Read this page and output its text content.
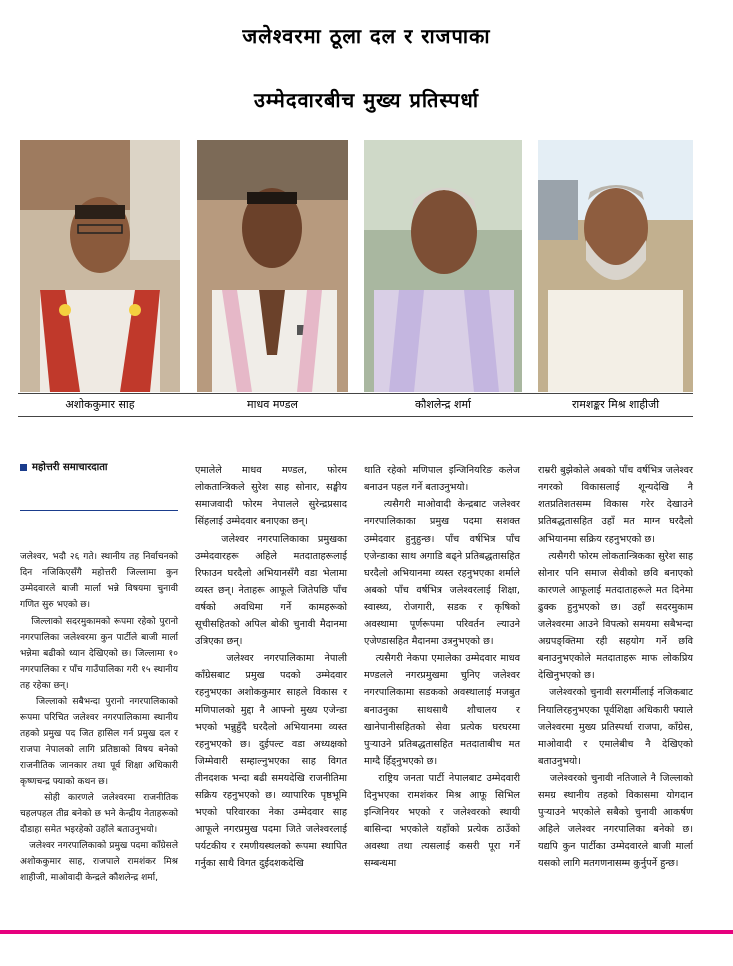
जलेश्वरमा ठूला दल र राजपाका
उम्मेदवारबीच मुख्य प्रतिस्पर्धा
अशोककुमार साह	माधव मण्डल	कौशलेन्द्र शर्मा	रामशङ्कर मिश्र शाहीजी

महोत्तरी समाचारदाता

जलेश्वर, भदौ २६ गते। स्थानीय तह निर्वाचनको दिन नजिकिएसँगै महोत्तरी जिल्लामा कुन उम्मेदवारले बाजी मार्ला भन्ने विषयमा चुनावी गणित सुरु भएको छ।
जिल्लाको सदरमुकामको रूपमा रहेको पुरानो नगरपालिका जलेश्वरमा कुन पार्टीले बाजी मार्ला भन्नेमा बढीको ध्यान देखिएको छ। जिल्लामा १० नगरपालिका र पाँच गाउँपालिका गरी १५ स्थानीय तह रहेका छन्।
जिल्लाको सबैभन्दा पुरानो नगरपालिकाको रूपमा परिचित जलेश्वर नगरपालिकामा स्थानीय तहको प्रमुख पद जित हासिल गर्न प्रमुख दल र राजपा नेपालको लागि प्रतिष्ठाको विषय बनेको राजनीतिक जानकार तथा पूर्व शिक्षा अधिकारी कृष्णचन्द्र फ्याको कथन छ।
सोही कारणले जलेश्वरमा राजनीतिक चहलपहल तीव्र बनेको छ भने केन्द्रीय नेताहरूको दौडाहा समेत भइरहेको उहाँले बताउनुभयो।
जलेश्वर नगरपालिकाको प्रमुख पदमा काँग्रेसले अशोककुमार साह, राजपाले रामशंकर मिश्र शाहीजी, माओवादी केन्द्रले कौशलेन्द्र शर्मा,

एमालेले माधव मण्डल, फोरम लोकतान्त्रिकले सुरेश साह सोनार, सङ्घीय समाजवादी फोरम नेपालले सुरेन्द्रप्रसाद सिंहलाई उम्मेदवार बनाएका छन्।
जलेश्वर नगरपालिकाका प्रमुखका उम्मेदवारहरू अहिले मतदाताहरूलाई रिफाउन घरदैलो अभियानसँगै वडा भेलामा व्यस्त छन्। नेताहरू आफूले जितेपछि पाँच वर्षको अवधिमा गर्ने कामहरूको सूचीसहितको अपिल बोकी चुनावी मैदानमा उत्रिएका छन्।
जलेश्वर नगरपालिकामा नेपाली काँग्रेसबाट प्रमुख पदको उम्मेदवार रहनुभएका अशोककुमार साहले विकास र मणिपालको मुद्दा नै आफ्नो मुख्य एजेन्डा भएको भन्नुहुँदै घरदैलो अभियानमा व्यस्त रहनुभएको छ। दुईपल्ट वडा अध्यक्षको जिम्मेवारी सम्हाल्नुभएका साह विगत तीनदशक भन्दा बढी समयदेखि राजनीतिमा सक्रिय रहनुभएको छ। व्यापारिक पृष्ठभूमि भएको परिवारका नेका उम्मेदवार साह आफूले नगरप्रमुख पदमा जिते जलेश्वरलाई पर्यटकीय र रमणीयस्थलको रूपमा स्थापित गर्नुका साथै विगत दुईदशकदेखि

थाति रहेको मणिपाल इन्जिनियरिङ कलेज बनाउन पहल गर्ने बताउनुभयो।
त्यसैगरी माओवादी केन्द्रबाट जलेश्वर नगरपालिकाका प्रमुख पदमा सशक्त उम्मेदवार हुनुहुन्छ। पाँच वर्षभित्र पाँच एजेन्डाका साथ अगाडि बढ्ने प्रतिबद्धतासहित घरदैलो अभियानमा व्यस्त रहनुभएका शर्माले अबको पाँच वर्षभित्र जलेश्वरलाई शिक्षा, स्वास्थ्य, रोजगारी, सडक र कृषिको अवस्थामा पूर्णरूपमा परिवर्तन ल्याउने एजेण्डासहित मैदानमा उत्रनुभएको छ।
त्यसैगरी नेकपा एमालेका उम्मेदवार माधव मण्डलले नगरप्रमुखमा चुनिए जलेश्वर नगरपालिकामा सडकको अवस्थालाई मजबुत बनाउनुका साथसाथै शौचालय र खानेपानीसहितको सेवा प्रत्येक घरघरमा पुऱ्याउने प्रतिबद्धतासहित मतदाताबीच मत माग्दै हिँड्नुभएको छ।
राष्ट्रिय जनता पार्टी नेपालबाट उम्मेदवारी दिनुभएका रामशंकर मिश्र आफू सिभिल इन्जिनियर भएको र जलेश्वरको स्थायी बासिन्दा भएकोले यहाँको प्रत्येक ठाउँको अवस्था तथा त्यसलाई कसरी पूरा गर्ने सम्बन्धमा

राम्ररी बुझेकोले अबको पाँच वर्षभित्र जलेश्वर नगरको विकासलाई शून्यदेखि नै शतप्रतिशतसम्म विकास गरेर देखाउने प्रतिबद्धतासहित उहाँ मत माग्न घरदैलो अभियानमा सक्रिय रहनुभएको छ।
त्यसैगरी फोरम लोकतान्त्रिकका सुरेश साह सोनार पनि समाज सेवीको छवि बनाएको कारणले आफूलाई मतदाताहरूले मत दिनेमा ढुक्क हुनुभएको छ। उहाँ सदरमुकाम जलेश्वरमा आउने विपत्को समयमा सबैभन्दा अग्रपङ्क्तिमा रही सहयोग गर्ने छवि बनाउनुभएकोले मतदाताहरू माफ लोकप्रिय देखिनुभएको छ।
जलेश्वरको चुनावी सरगर्मीलाई नजिकबाट नियालिरहनुभएका पूर्वशिक्षा अधिकारी फ्याले जलेश्वरमा मुख्य प्रतिस्पर्धा राजपा, काँग्रेस, माओवादी र एमालेबीच नै देखिएको बताउनुभयो।
जलेश्वरको चुनावी नतिजाले नै जिल्लाको समग्र स्थानीय तहको विकासमा योगदान पुऱ्याउने भएकोले सबैको चुनावी आकर्षण अहिले जलेश्वर नगरपालिका बनेको छ। यद्यपि कुन पार्टीका उम्मेदवारले बाजी मार्ला यसको लागि मतगणनासम्म कुर्नुपर्ने हुन्छ।
